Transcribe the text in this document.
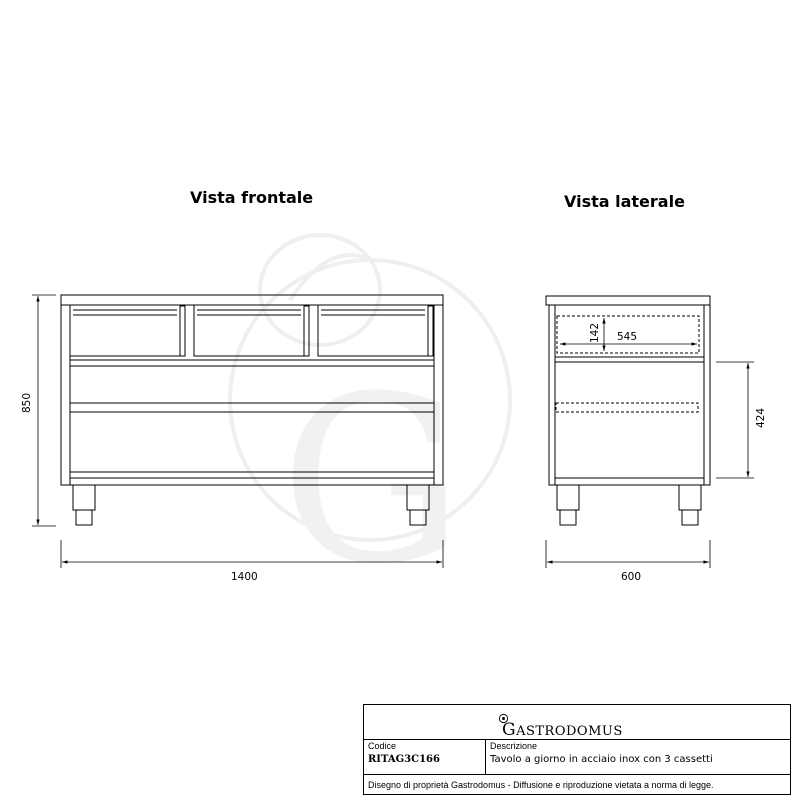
Vista frontale	Vista laterale
G
850
1400
142 545
424
600
GASTRODOMUS
Codice
RITAG3C166
Descrizione
Tavolo a giorno in acciaio inox con 3 cassetti
Disegno di proprietà Gastrodomus - Diffusione e riproduzione vietata a norma di legge.
